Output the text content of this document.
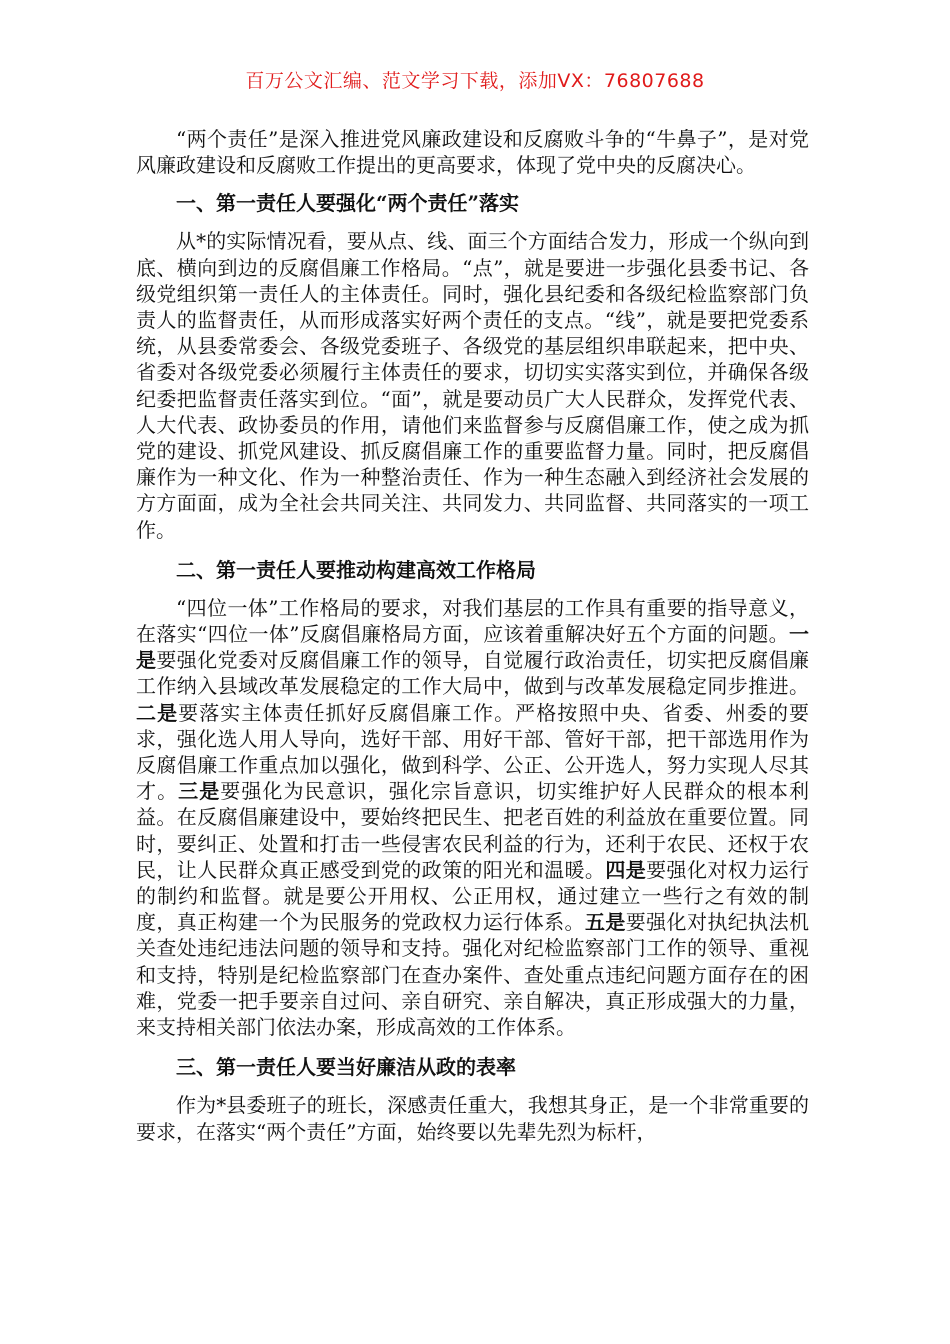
百万公文汇编、范文学习下载，添加VX：76807688

“两个责任”是深入推进党风廉政建设和反腐败斗争的“牛鼻子”，是对党风廉政建设和反腐败工作提出的更高要求，体现了党中央的反腐决心。

一、第一责任人要强化“两个责任”落实

从*的实际情况看，要从点、线、面三个方面结合发力，形成一个纵向到底、横向到边的反腐倡廉工作格局。“点”，就是要进一步强化县委书记、各级党组织第一责任人的主体责任。同时，强化县纪委和各级纪检监察部门负责人的监督责任，从而形成落实好两个责任的支点。“线”，就是要把党委系统，从县委常委会、各级党委班子、各级党的基层组织串联起来，把中央、省委对各级党委必须履行主体责任的要求，切切实实落实到位，并确保各级纪委把监督责任落实到位。“面”，就是要动员广大人民群众，发挥党代表、人大代表、政协委员的作用，请他们来监督参与反腐倡廉工作，使之成为抓党的建设、抓党风建设、抓反腐倡廉工作的重要监督力量。同时，把反腐倡廉作为一种文化、作为一种整治责任、作为一种生态融入到经济社会发展的方方面面，成为全社会共同关注、共同发力、共同监督、共同落实的一项工作。

二、第一责任人要推动构建高效工作格局

“四位一体”工作格局的要求，对我们基层的工作具有重要的指导意义，在落实“四位一体”反腐倡廉格局方面，应该着重解决好五个方面的问题。一是要强化党委对反腐倡廉工作的领导，自觉履行政治责任，切实把反腐倡廉工作纳入县域改革发展稳定的工作大局中，做到与改革发展稳定同步推进。二是要落实主体责任抓好反腐倡廉工作。严格按照中央、省委、州委的要求，强化选人用人导向，选好干部、用好干部、管好干部，把干部选用作为反腐倡廉工作重点加以强化，做到科学、公正、公开选人，努力实现人尽其才。三是要强化为民意识，强化宗旨意识，切实维护好人民群众的根本利益。在反腐倡廉建设中，要始终把民生、把老百姓的利益放在重要位置。同时，要纠正、处置和打击一些侵害农民利益的行为，还利于农民、还权于农民，让人民群众真正感受到党的政策的阳光和温暖。四是要强化对权力运行的制约和监督。就是要公开用权、公正用权，通过建立一些行之有效的制度，真正构建一个为民服务的党政权力运行体系。五是要强化对执纪执法机关查处违纪违法问题的领导和支持。强化对纪检监察部门工作的领导、重视和支持，特别是纪检监察部门在查办案件、查处重点违纪问题方面存在的困难，党委一把手要亲自过问、亲自研究、亲自解决，真正形成强大的力量，来支持相关部门依法办案，形成高效的工作体系。

三、第一责任人要当好廉洁从政的表率

作为*县委班子的班长，深感责任重大，我想其身正，是一个非常重要的要求，在落实“两个责任”方面，始终要以先辈先烈为标杆，
